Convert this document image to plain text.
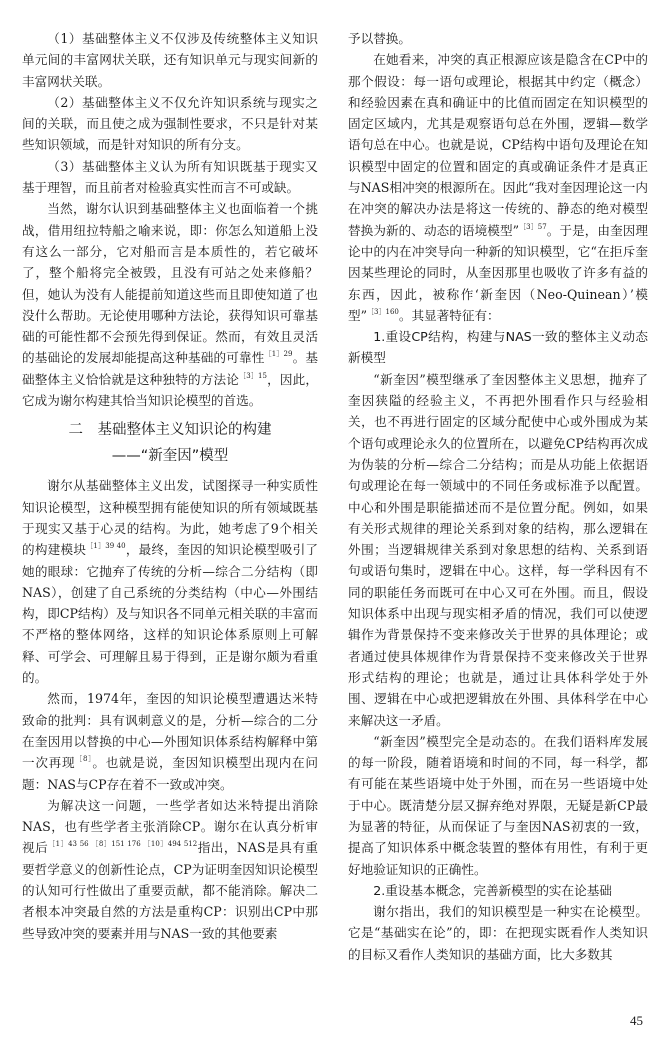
（1）基础整体主义不仅涉及传统整体主义知识单元间的丰富网状关联，还有知识单元与现实间新的丰富网状关联。

（2）基础整体主义不仅允许知识系统与现实之间的关联，而且使之成为强制性要求，不只是针对某些知识领域，而是针对知识的所有分支。

（3）基础整体主义认为所有知识既基于现实又基于理智，而且前者对检验真实性而言不可或缺。

当然，谢尔认识到基础整体主义也面临着一个挑战，借用纽拉特船之喻来说，即：你怎么知道船上没有这么一部分，它对船而言是本质性的，若它破坏了，整个船将完全被毁，且没有可站之处来修船？但，她认为没有人能提前知道这些而且即使知道了也没什么帮助。无论使用哪种方法论，获得知识可靠基础的可能性都不会预先得到保证。然而，有效且灵活的基础论的发展却能提高这种基础的可靠性$^{[1]29}$。基础整体主义恰恰就是这种独特的方法论$^{[3]15}$，因此，它成为谢尔构建其恰当知识论模型的首选。

二　基础整体主义知识论的构建
——“新奎因”模型

谢尔从基础整体主义出发，试图探寻一种实质性知识论模型，这种模型拥有能使知识的所有领域既基于现实又基于心灵的结构。为此，她考虑了9个相关的构建模块$^{[1]39 40}$，最终，奎因的知识论模型吸引了她的眼球：它抛弃了传统的分析—综合二分结构（即NAS），创建了自己系统的分类结构（中心—外围结构，即CP结构）及与知识各不同单元相关联的丰富而不严格的整体网络，这样的知识论体系原则上可解释、可学会、可理解且易于得到，正是谢尔颇为看重的。

然而，1974年，奎因的知识论模型遭遇达米特致命的批判：具有讽刺意义的是，分析—综合的二分在奎因用以替换的中心—外围知识体系结构解释中第一次再现$^{[8]}$。也就是说，奎因知识模型出现内在问题：NAS与CP存在着不一致或冲突。

为解决这一问题，一些学者如达米特提出消除NAS，也有些学者主张消除CP。谢尔在认真分析审视后$^{[1]43 56 [8]151 176 [10]494 512}$指出，NAS是具有重要哲学意义的创新性论点，CP为证明奎因知识论模型的认知可行性做出了重要贡献，都不能消除。解决二者根本冲突最自然的方法是重构CP：识别出CP中那些导致冲突的要素并用与NAS一致的其他要素

予以替换。

在她看来，冲突的真正根源应该是隐含在CP中的那个假设：每一语句或理论，根据其中约定（概念）和经验因素在真和确证中的比值而固定在知识模型的固定区域内，尤其是观察语句总在外围，逻辑—数学语句总在中心。也就是说，CP结构中语句及理论在知识模型中固定的位置和固定的真或确证条件才是真正与NAS相冲突的根源所在。因此“我对奎因理论这一内在冲突的解决办法是将这一传统的、静态的绝对模型替换为新的、动态的语境模型”$^{[3]57}$。于是，由奎因理论中的内在冲突导向一种新的知识模型，它“在拒斥奎因某些理论的同时，从奎因那里也吸收了许多有益的东西，因此，被称作‘新奎因（Neo-Quinean）’模型”$^{[3]160}$。其显著特征有：

1.重设CP结构，构建与NAS一致的整体主义动态新模型

“新奎因”模型继承了奎因整体主义思想，抛弃了奎因狭隘的经验主义，不再把外围看作只与经验相关，也不再进行固定的区域分配使中心或外围成为某个语句或理论永久的位置所在，以避免CP结构再次成为伪装的分析—综合二分结构；而是从功能上依据语句或理论在每一领域中的不同任务或标准予以配置。中心和外围是职能描述而不是位置分配。例如，如果有关形式规律的理论关系到对象的结构，那么逻辑在外围；当逻辑规律关系到对象思想的结构、关系到语句或语句集时，逻辑在中心。这样，每一学科因有不同的职能任务而既可在中心又可在外围。而且，假设知识体系中出现与现实相矛盾的情况，我们可以使逻辑作为背景保持不变来修改关于世界的具体理论；或者通过使具体规律作为背景保持不变来修改关于世界形式结构的理论；也就是，通过让具体科学处于外围、逻辑在中心或把逻辑放在外围、具体科学在中心来解决这一矛盾。

“新奎因”模型完全是动态的。在我们语料库发展的每一阶段，随着语境和时间的不同，每一科学，都有可能在某些语境中处于外围，而在另一些语境中处于中心。既清楚分层又摒弃绝对界限，无疑是新CP最为显著的特征，从而保证了与奎因NAS初衷的一致，提高了知识体系中概念装置的整体有用性，有利于更好地验证知识的正确性。

2.重设基本概念，完善新模型的实在论基础

谢尔指出，我们的知识模型是一种实在论模型。它是“基础实在论”的，即：在把现实既看作人类知识的目标又看作人类知识的基础方面，比大多数其

45
